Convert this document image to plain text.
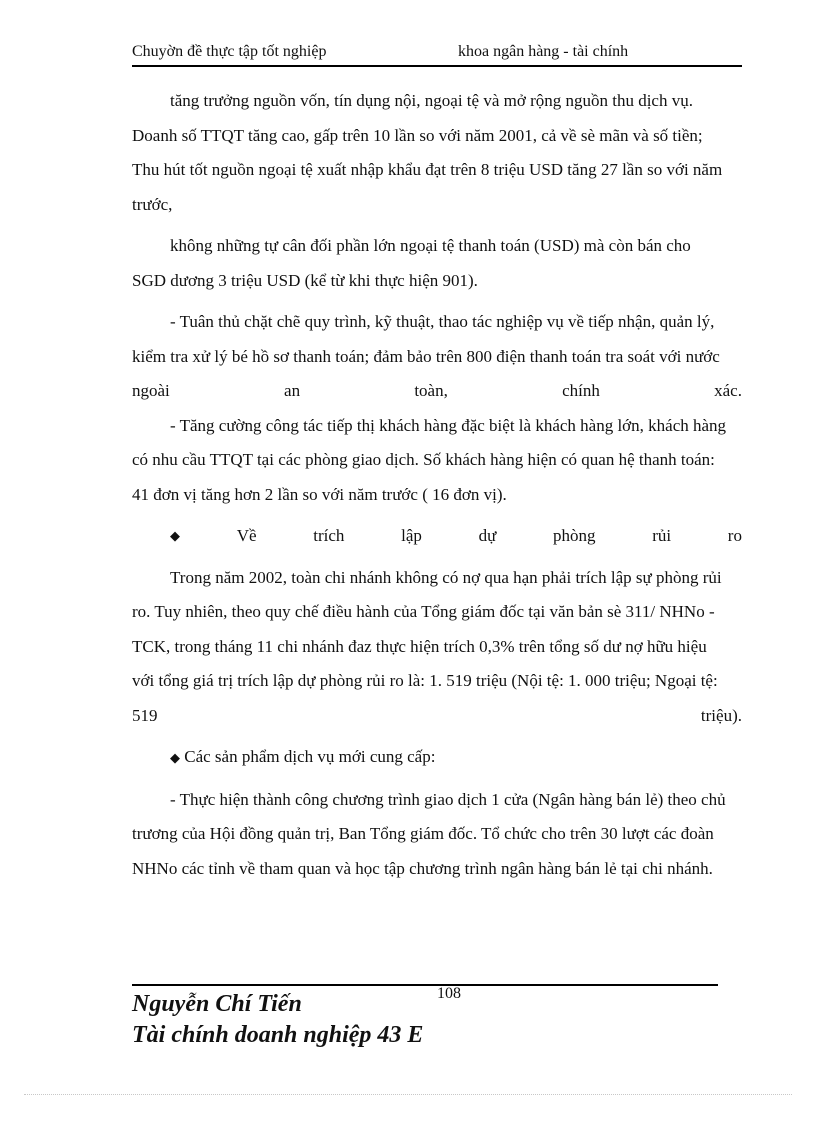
Chuyờn đề thực tập tốt nghiệp	khoa ngân hàng - tài chính

tăng trưởng nguồn vốn, tín dụng nội, ngoại tệ và mở rộng nguồn thu dịch vụ.

Doanh số TTQT tăng cao, gấp trên 10 lần so với năm 2001, cả về sè mãn và số tiền;

Thu hút tốt nguồn ngoại tệ xuất nhập khẩu đạt trên 8 triệu USD tăng 27 lần so với năm

trước,

không những tự cân đối phần lớn ngoại tệ thanh toán (USD) mà còn bán cho

SGD dương 3 triệu USD (kể từ khi thực hiện 901).

- Tuân thủ chặt chẽ quy trình, kỹ thuật, thao tác nghiệp vụ về tiếp nhận, quản lý,

kiểm tra xử lý bé hồ sơ thanh toán; đảm bảo trên 800 điện thanh toán tra soát với nước

ngoài	an	toàn,	chính	xác.

- Tăng cường công tác tiếp thị khách hàng đặc biệt là khách hàng lớn, khách hàng

có nhu cầu TTQT tại các phòng giao dịch. Số khách hàng hiện có quan hệ thanh toán:

41 đơn vị tăng hơn 2 lần so với năm trước ( 16 đơn vị).

◆	Về	trích	lập	dự	phòng	rủi	ro

Trong năm 2002, toàn chi nhánh không có nợ qua hạn phải trích lập sự phòng rủi

ro. Tuy nhiên, theo quy chế điều hành của Tổng giám đốc tại văn bản sè 311/ NHNo -

TCK, trong tháng 11 chi nhánh đaz thực hiện trích 0,3% trên tổng số dư nợ hữu hiệu

với tổng giá trị trích lập dự phòng rủi ro là: 1. 519 triệu (Nội tệ: 1. 000 triệu; Ngoại tệ:

519	triệu).

◆ Các sản phẩm dịch vụ mới cung cấp:

- Thực hiện thành công chương trình giao dịch 1 cửa (Ngân hàng bán lẻ) theo chủ

trương của Hội đồng quản trị, Ban Tổng giám đốc. Tổ chức cho trên 30 lượt các đoàn

NHNo các tỉnh về tham quan và học tập chương trình ngân hàng bán lẻ tại chi nhánh.

108
Nguyễn Chí Tiến
Tài chính doanh nghiệp 43 E
